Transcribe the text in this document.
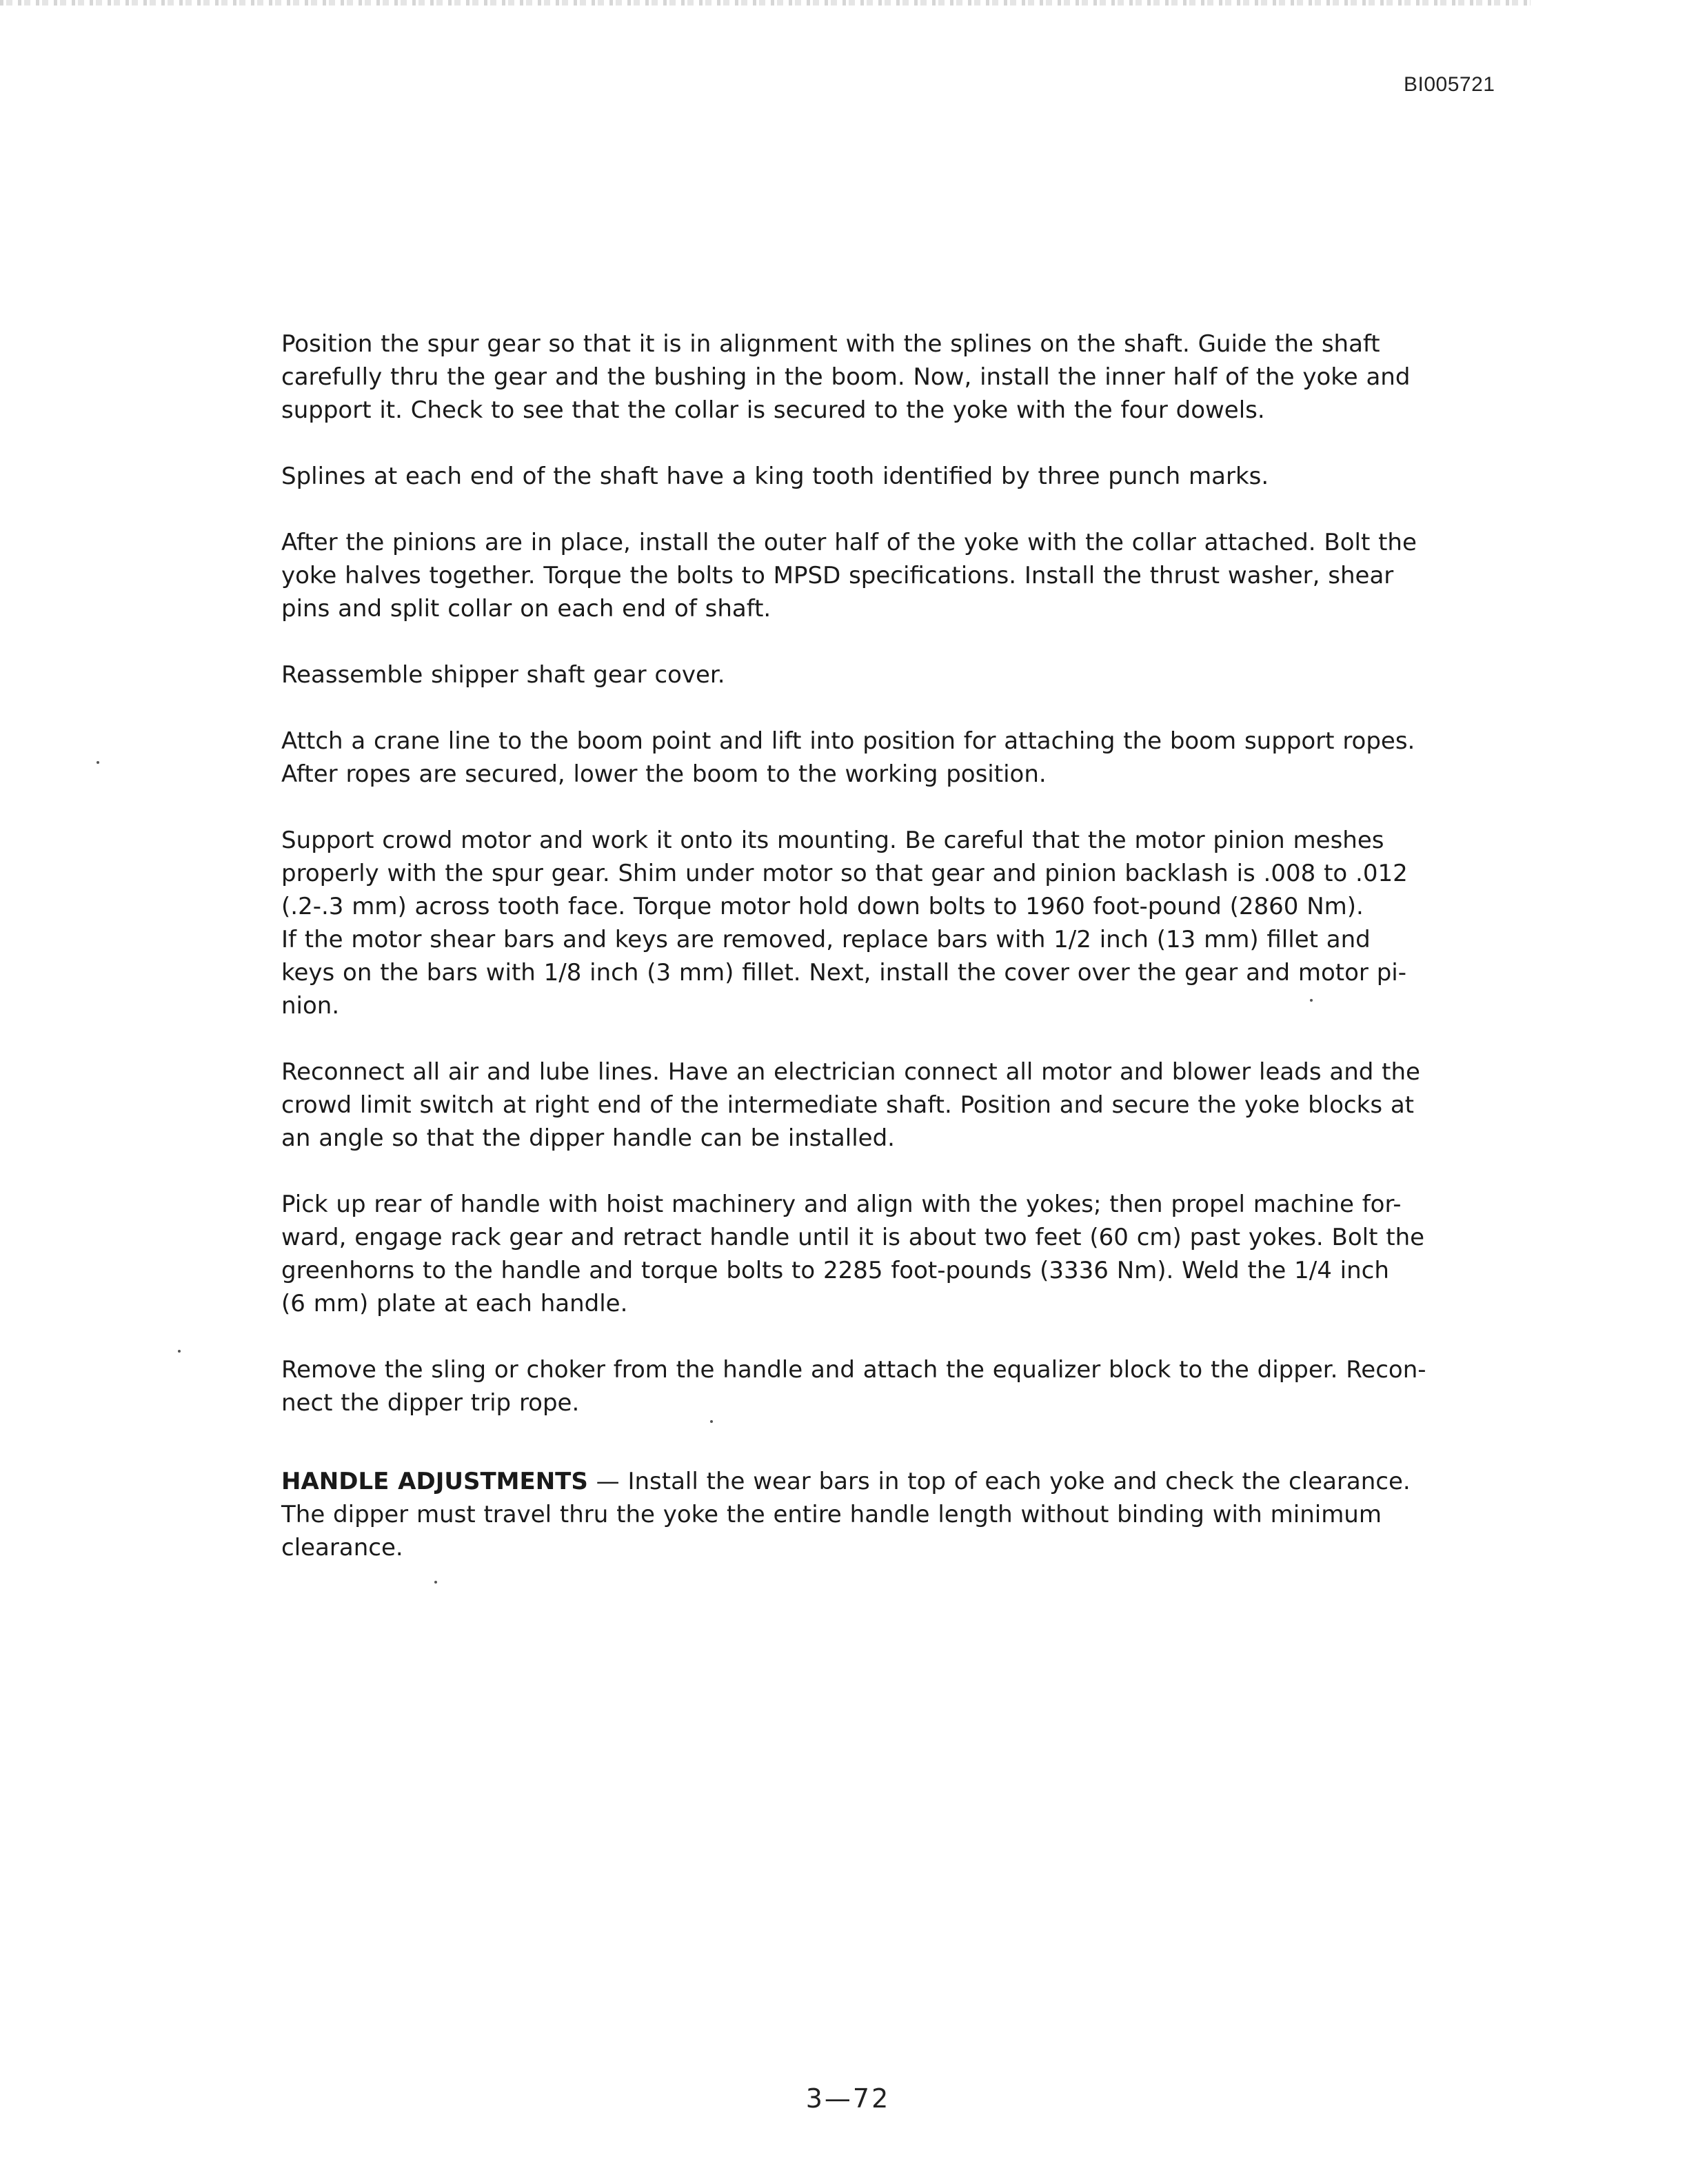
BI005721

Position the spur gear so that it is in alignment with the splines on the shaft. Guide the shaft
carefully thru the gear and the bushing in the boom. Now, install the inner half of the yoke and
support it. Check to see that the collar is secured to the yoke with the four dowels.

Splines at each end of the shaft have a king tooth identified by three punch marks.

After the pinions are in place, install the outer half of the yoke with the collar attached. Bolt the
yoke halves together. Torque the bolts to MPSD specifications. Install the thrust washer, shear
pins and split collar on each end of shaft.

Reassemble shipper shaft gear cover.

Attch a crane line to the boom point and lift into position for attaching the boom support ropes.
After ropes are secured, lower the boom to the working position.

Support crowd motor and work it onto its mounting. Be careful that the motor pinion meshes
properly with the spur gear. Shim under motor so that gear and pinion backlash is .008 to .012
(.2-.3 mm) across tooth face. Torque motor hold down bolts to 1960 foot-pound (2860 Nm).
If the motor shear bars and keys are removed, replace bars with 1/2 inch (13 mm) fillet and
keys on the bars with 1/8 inch (3 mm) fillet. Next, install the cover over the gear and motor pi-
nion.

Reconnect all air and lube lines. Have an electrician connect all motor and blower leads and the
crowd limit switch at right end of the intermediate shaft. Position and secure the yoke blocks at
an angle so that the dipper handle can be installed.

Pick up rear of handle with hoist machinery and align with the yokes; then propel machine for-
ward, engage rack gear and retract handle until it is about two feet (60 cm) past yokes. Bolt the
greenhorns to the handle and torque bolts to 2285 foot-pounds (3336 Nm). Weld the 1/4 inch
(6 mm) plate at each handle.

Remove the sling or choker from the handle and attach the equalizer block to the dipper. Recon-
nect the dipper trip rope.

HANDLE ADJUSTMENTS — Install the wear bars in top of each yoke and check the clearance.
The dipper must travel thru the yoke the entire handle length without binding with minimum
clearance.

3—72
